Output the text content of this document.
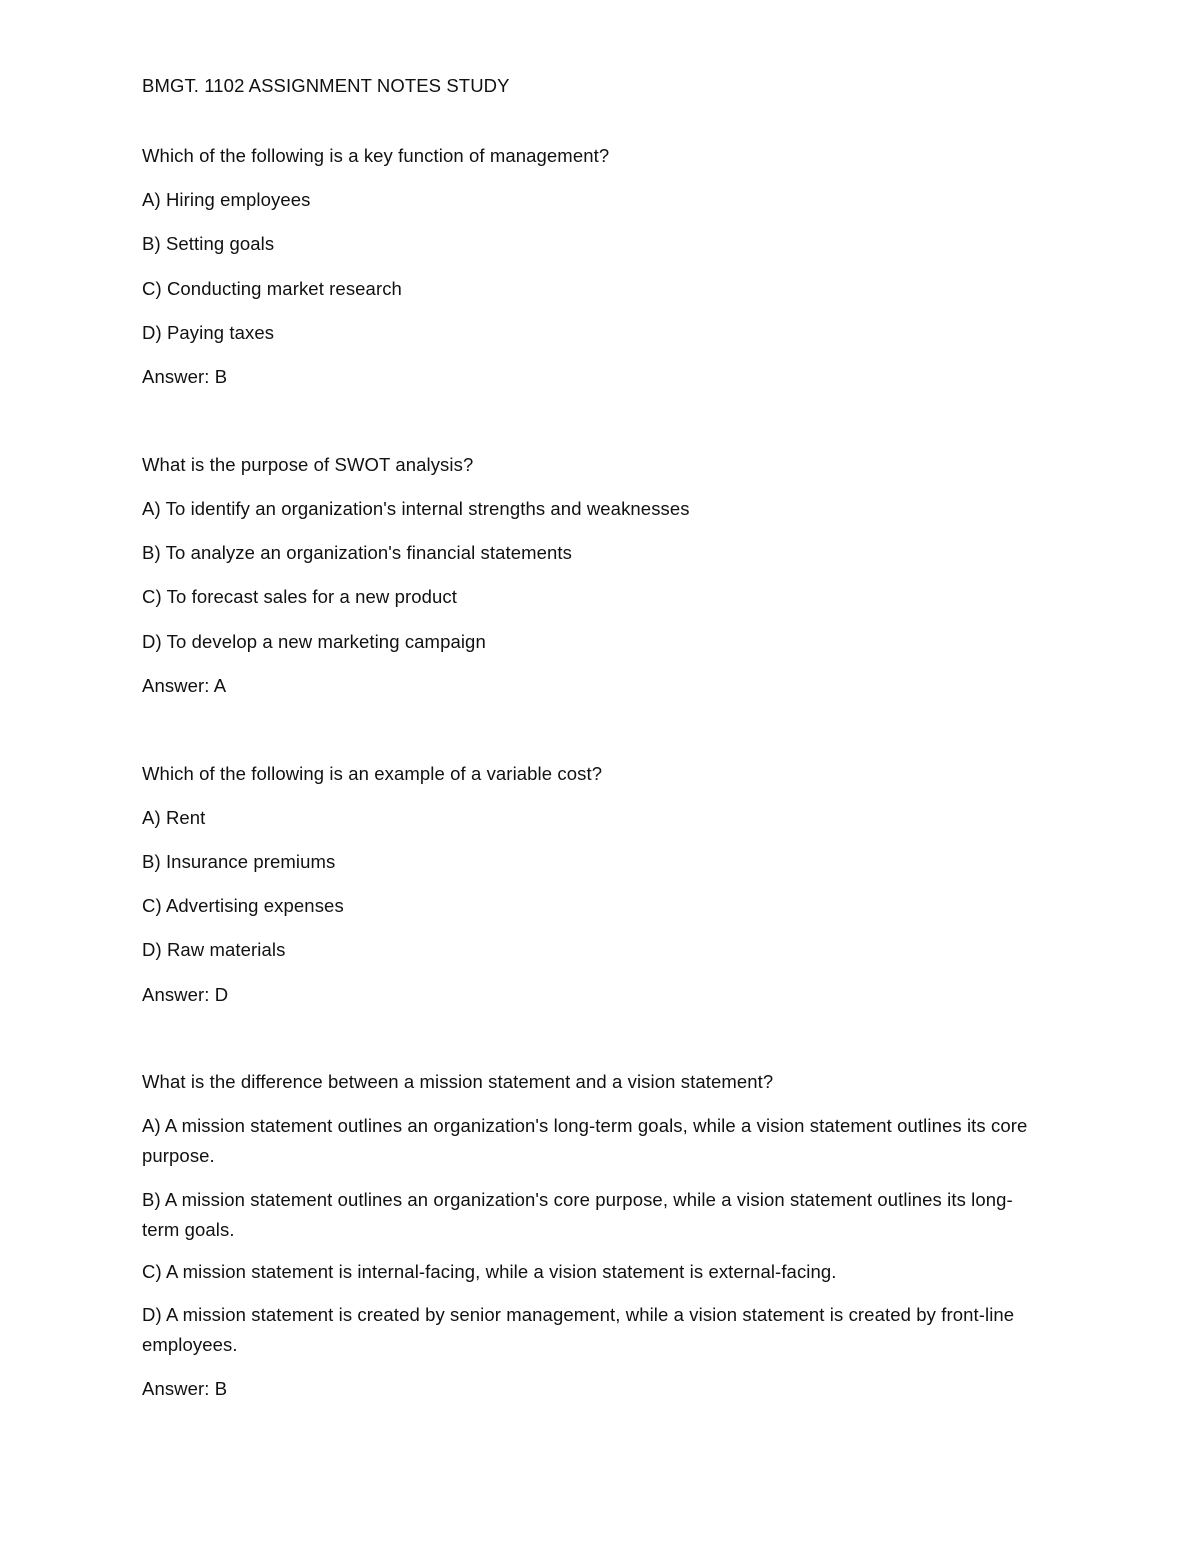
BMGT. 1102 ASSIGNMENT NOTES STUDY
Which of the following is a key function of management?
A) Hiring employees
B) Setting goals
C) Conducting market research
D) Paying taxes
Answer: B
What is the purpose of SWOT analysis?
A) To identify an organization's internal strengths and weaknesses
B) To analyze an organization's financial statements
C) To forecast sales for a new product
D) To develop a new marketing campaign
Answer: A
Which of the following is an example of a variable cost?
A) Rent
B) Insurance premiums
C) Advertising expenses
D) Raw materials
Answer: D
What is the difference between a mission statement and a vision statement?
A) A mission statement outlines an organization's long-term goals, while a vision statement outlines its core purpose.
B) A mission statement outlines an organization's core purpose, while a vision statement outlines its long-term goals.
C) A mission statement is internal-facing, while a vision statement is external-facing.
D) A mission statement is created by senior management, while a vision statement is created by front-line employees.
Answer: B
